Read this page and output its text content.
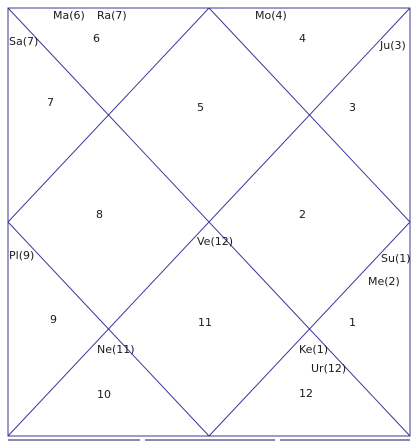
1
2
3
4
5
6
7
8
9
10
11
12
Su(1)
Me(2)
Ju(3)
Mo(4)
Ma(6) Ra(7)
Sa(7)
Pl(9)
Ve(12)
Ne(11)	Ke(1)
Ur(12)
